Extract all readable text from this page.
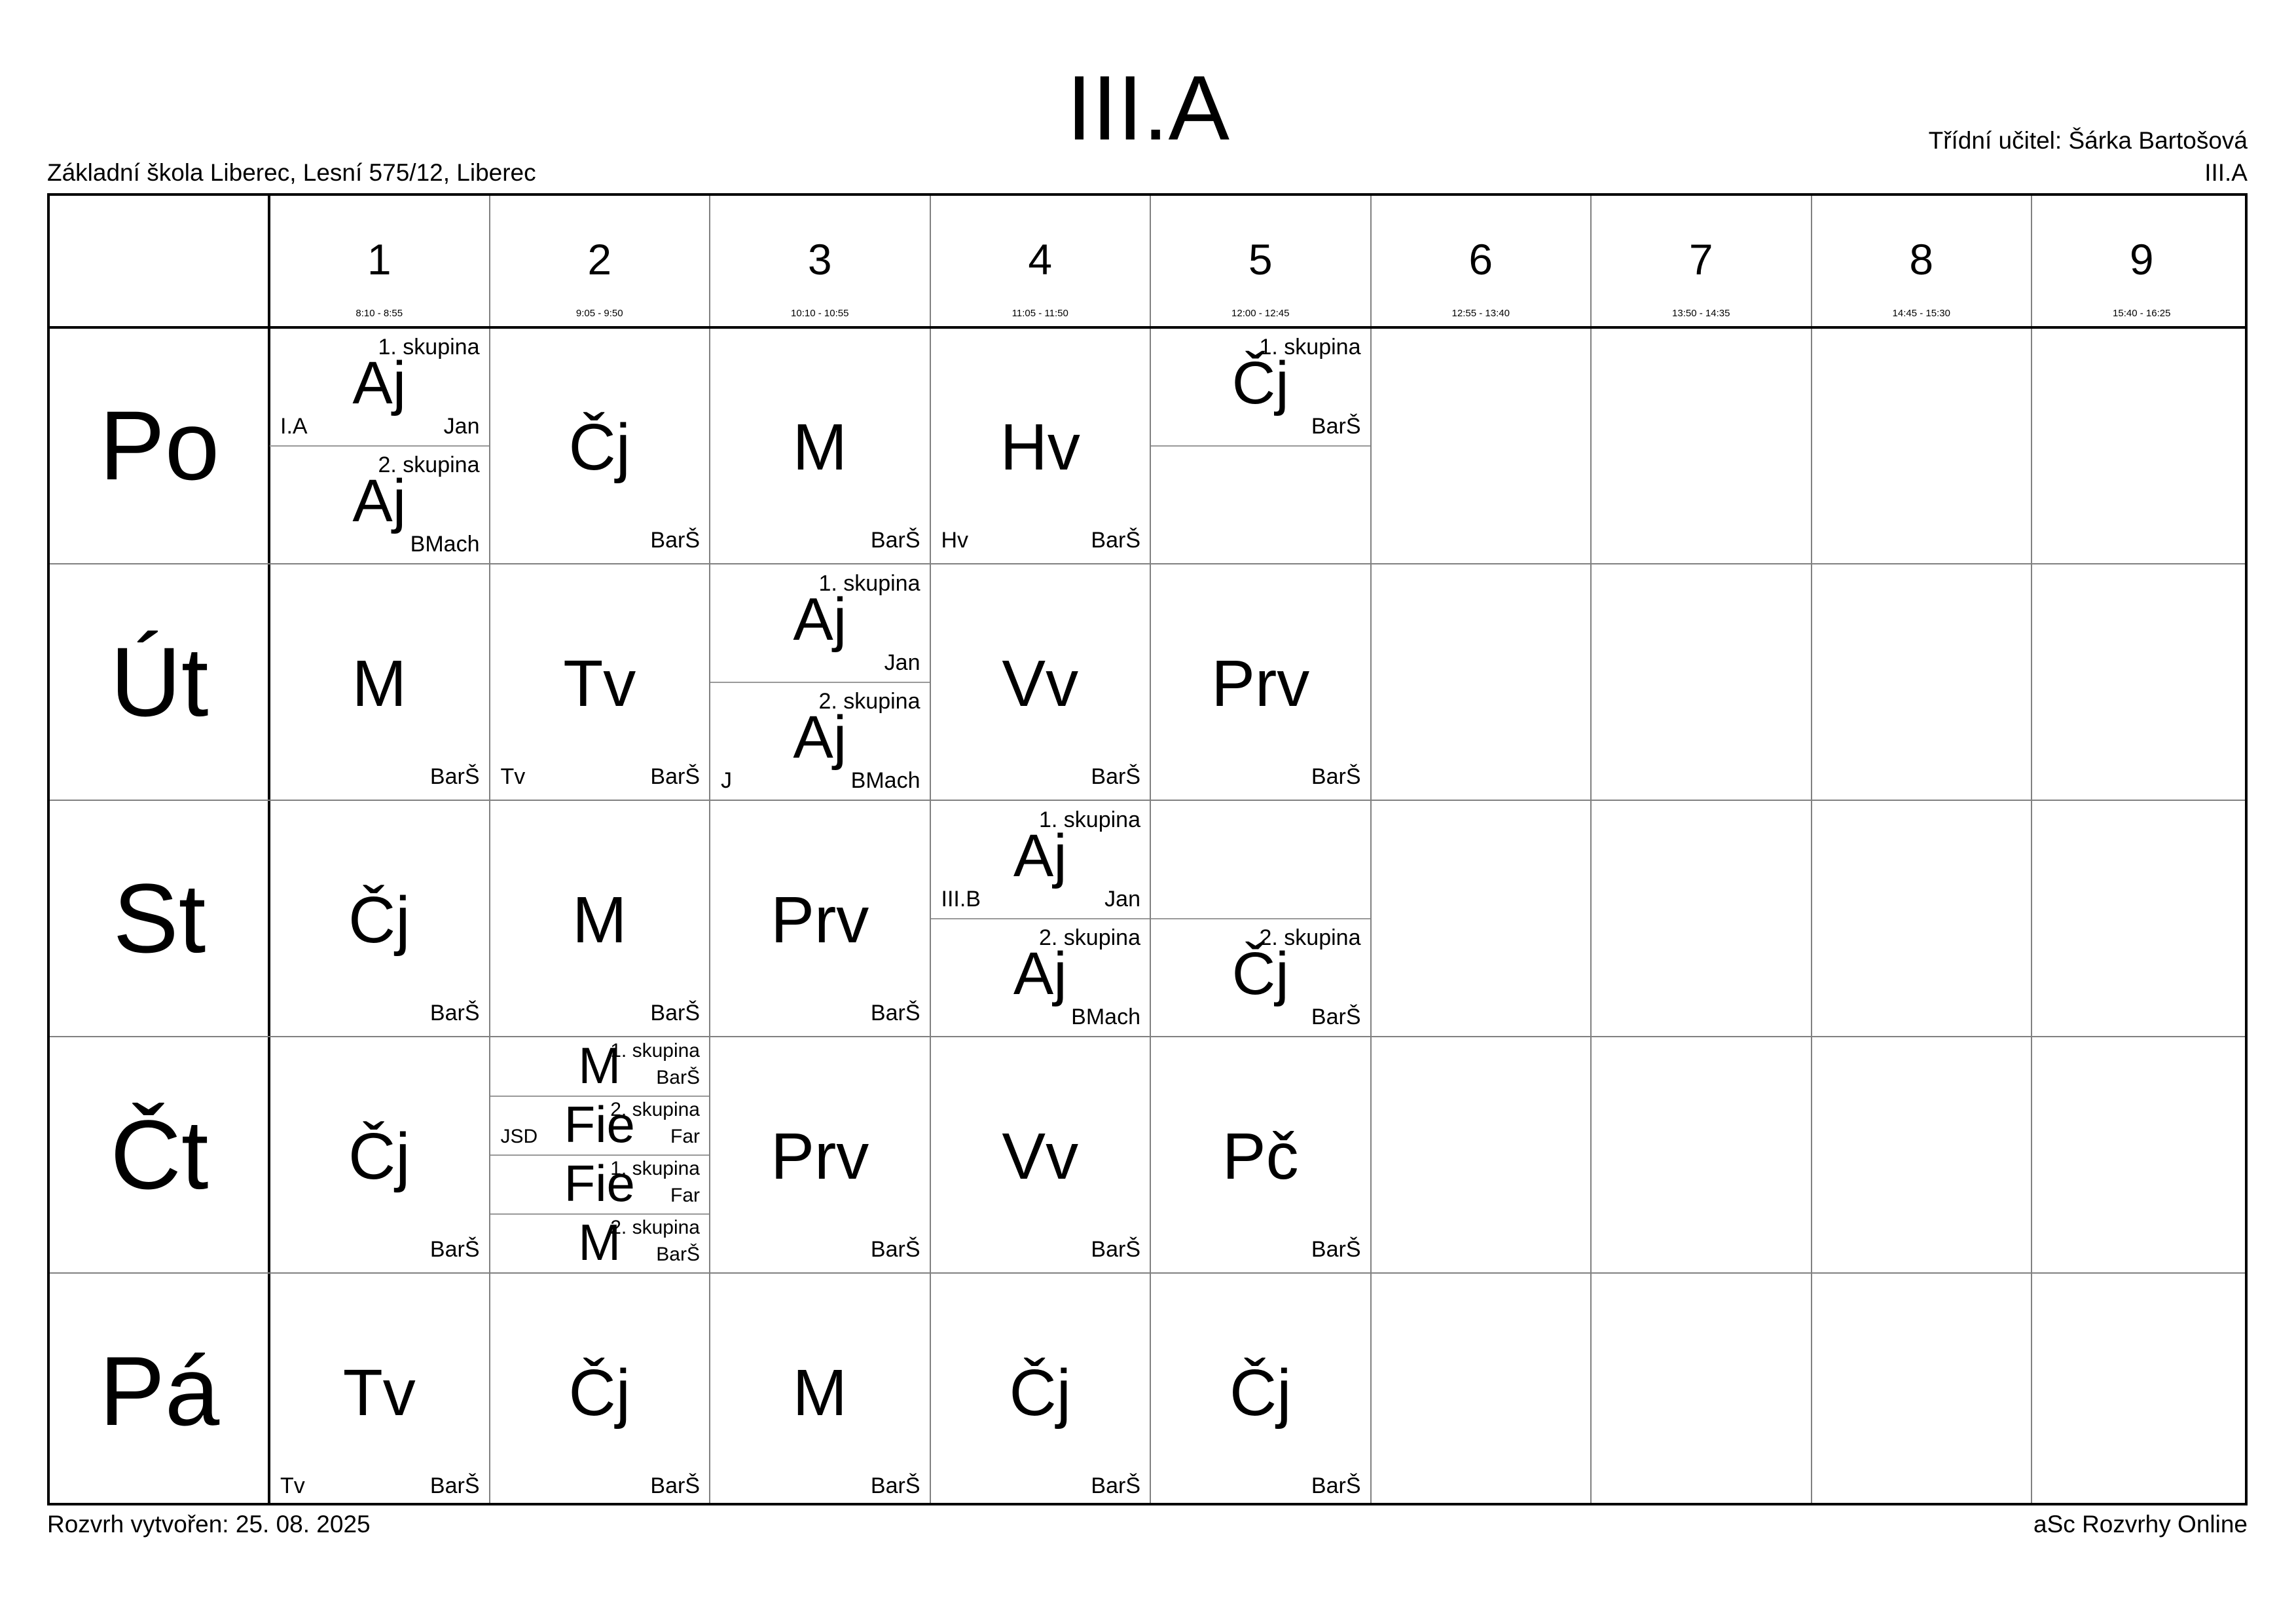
III.A
Základní škola Liberec, Lesní 575/12, Liberec
Třídní učitel: Šárka Bartošová
III.A
1
8:10 - 8:55
2
9:05 - 9:50
3
10:10 - 10:55
4
11:05 - 11:50
5
12:00 - 12:45
6
12:55 - 13:40
7
13:50 - 14:35
8
14:45 - 15:30
9
15:40 - 16:25
Po
Út
St
Čt
Pá
1. skupina
Aj
Jan
I.A
2. skupina
Aj
BMach
Čj
BarŠ
M
BarŠ
Hv
BarŠ
Hv
1. skupina
Čj
BarŠ
M
BarŠ
Tv
BarŠ
Tv
1. skupina
Aj
Jan
2. skupina
Aj
BMach
J
Vv
BarŠ
Prv
BarŠ
Čj
BarŠ
M
BarŠ
Prv
BarŠ
1. skupina
Aj
Jan
III.B
2. skupina
Aj
BMach
2. skupina
Čj
BarŠ
Čj
BarŠ
M
1. skupina
BarŠ
Fie
2. skupina
Far
JSD
Fie
1. skupina
Far
M
2. skupina
BarŠ
Prv
BarŠ
Vv
BarŠ
Pč
BarŠ
Tv
BarŠ
Tv
Čj
BarŠ
M
BarŠ
Čj
BarŠ
Čj
BarŠ
Rozvrh vytvořen: 25. 08. 2025	aSc Rozvrhy Online
